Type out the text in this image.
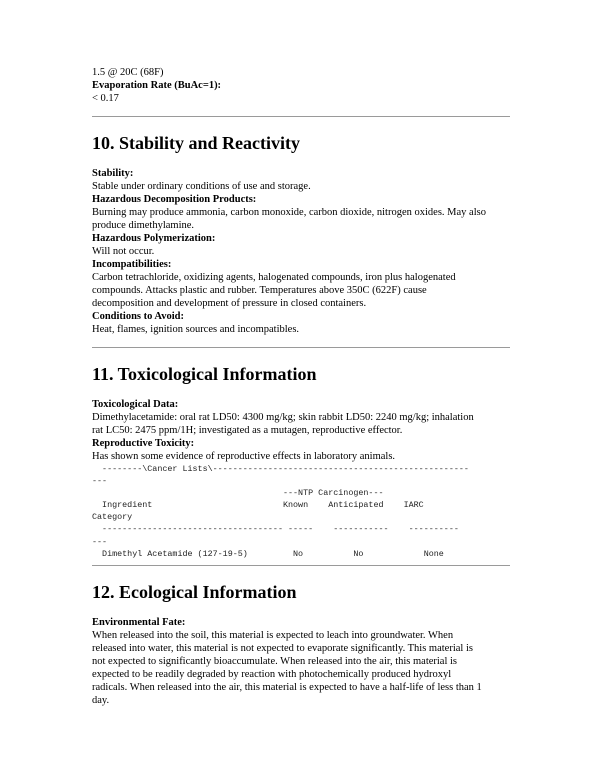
1.5 @ 20C (68F)
Evaporation Rate (BuAc=1):
< 0.17
10. Stability and Reactivity
Stability:
Stable under ordinary conditions of use and storage.
Hazardous Decomposition Products:
Burning may produce ammonia, carbon monoxide, carbon dioxide, nitrogen oxides. May also
produce dimethylamine.
Hazardous Polymerization:
Will not occur.
Incompatibilities:
Carbon tetrachloride, oxidizing agents, halogenated compounds, iron plus halogenated
compounds. Attacks plastic and rubber. Temperatures above 350C (622F) cause
decomposition and development of pressure in closed containers.
Conditions to Avoid:
Heat, flames, ignition sources and incompatibles.
11. Toxicological Information
Toxicological Data:
Dimethylacetamide: oral rat LD50: 4300 mg/kg; skin rabbit LD50: 2240 mg/kg; inhalation
rat LC50: 2475 ppm/1H; investigated as a mutagen, reproductive effector.
Reproductive Toxicity:
Has shown some evidence of reproductive effects in laboratory animals.
--------\Cancer Lists\---------------------------------------------------
---
---NTP Carcinogen---
Ingredient                          Known    Anticipated    IARC
Category
------------------------------------ -----    -----------    ----------
---
Dimethyl Acetamide (127-19-5)         No          No            None
12. Ecological Information
Environmental Fate:
When released into the soil, this material is expected to leach into groundwater. When
released into water, this material is not expected to evaporate significantly. This material is
not expected to significantly bioaccumulate. When released into the air, this material is
expected to be readily degraded by reaction with photochemically produced hydroxyl
radicals. When released into the air, this material is expected to have a half-life of less than 1
day.
